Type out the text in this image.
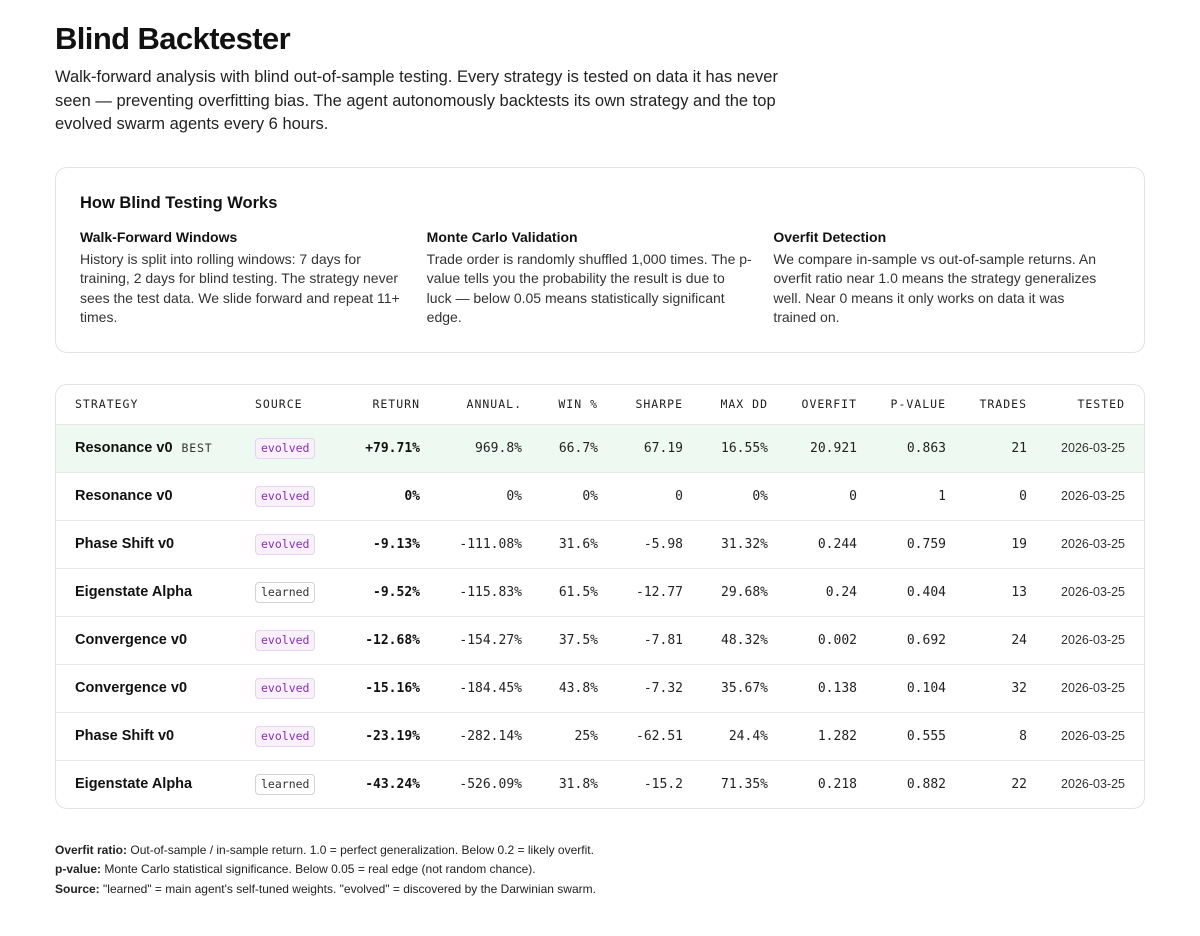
Blind Backtester
Walk-forward analysis with blind out-of-sample testing. Every strategy is tested on data it has never seen — preventing overfitting bias. The agent autonomously backtests its own strategy and the top evolved swarm agents every 6 hours.
How Blind Testing Works
Walk-Forward Windows
History is split into rolling windows: 7 days for training, 2 days for blind testing. The strategy never sees the test data. We slide forward and repeat 11+ times.
Monte Carlo Validation
Trade order is randomly shuffled 1,000 times. The p-value tells you the probability the result is due to luck — below 0.05 means statistically significant edge.
Overfit Detection
We compare in-sample vs out-of-sample returns. An overfit ratio near 1.0 means the strategy generalizes well. Near 0 means it only works on data it was trained on.
STRATEGY	SOURCE	RETURN	ANNUAL.	WIN %	SHARPE	MAX DD	OVERFIT	P-VALUE	TRADES	TESTED
Resonance v0 BEST	evolved	+79.71%	969.8%	66.7%	67.19	16.55%	20.921	0.863	21	2026-03-25
Resonance v0	evolved	0%	0%	0%	0	0%	0	1	0	2026-03-25
Phase Shift v0	evolved	-9.13%	-111.08%	31.6%	-5.98	31.32%	0.244	0.759	19	2026-03-25
Eigenstate Alpha	learned	-9.52%	-115.83%	61.5%	-12.77	29.68%	0.24	0.404	13	2026-03-25
Convergence v0	evolved	-12.68%	-154.27%	37.5%	-7.81	48.32%	0.002	0.692	24	2026-03-25
Convergence v0	evolved	-15.16%	-184.45%	43.8%	-7.32	35.67%	0.138	0.104	32	2026-03-25
Phase Shift v0	evolved	-23.19%	-282.14%	25%	-62.51	24.4%	1.282	0.555	8	2026-03-25
Eigenstate Alpha	learned	-43.24%	-526.09%	31.8%	-15.2	71.35%	0.218	0.882	22	2026-03-25
Overfit ratio: Out-of-sample / in-sample return. 1.0 = perfect generalization. Below 0.2 = likely overfit.
p-value: Monte Carlo statistical significance. Below 0.05 = real edge (not random chance).
Source: "learned" = main agent's self-tuned weights. "evolved" = discovered by the Darwinian swarm.
